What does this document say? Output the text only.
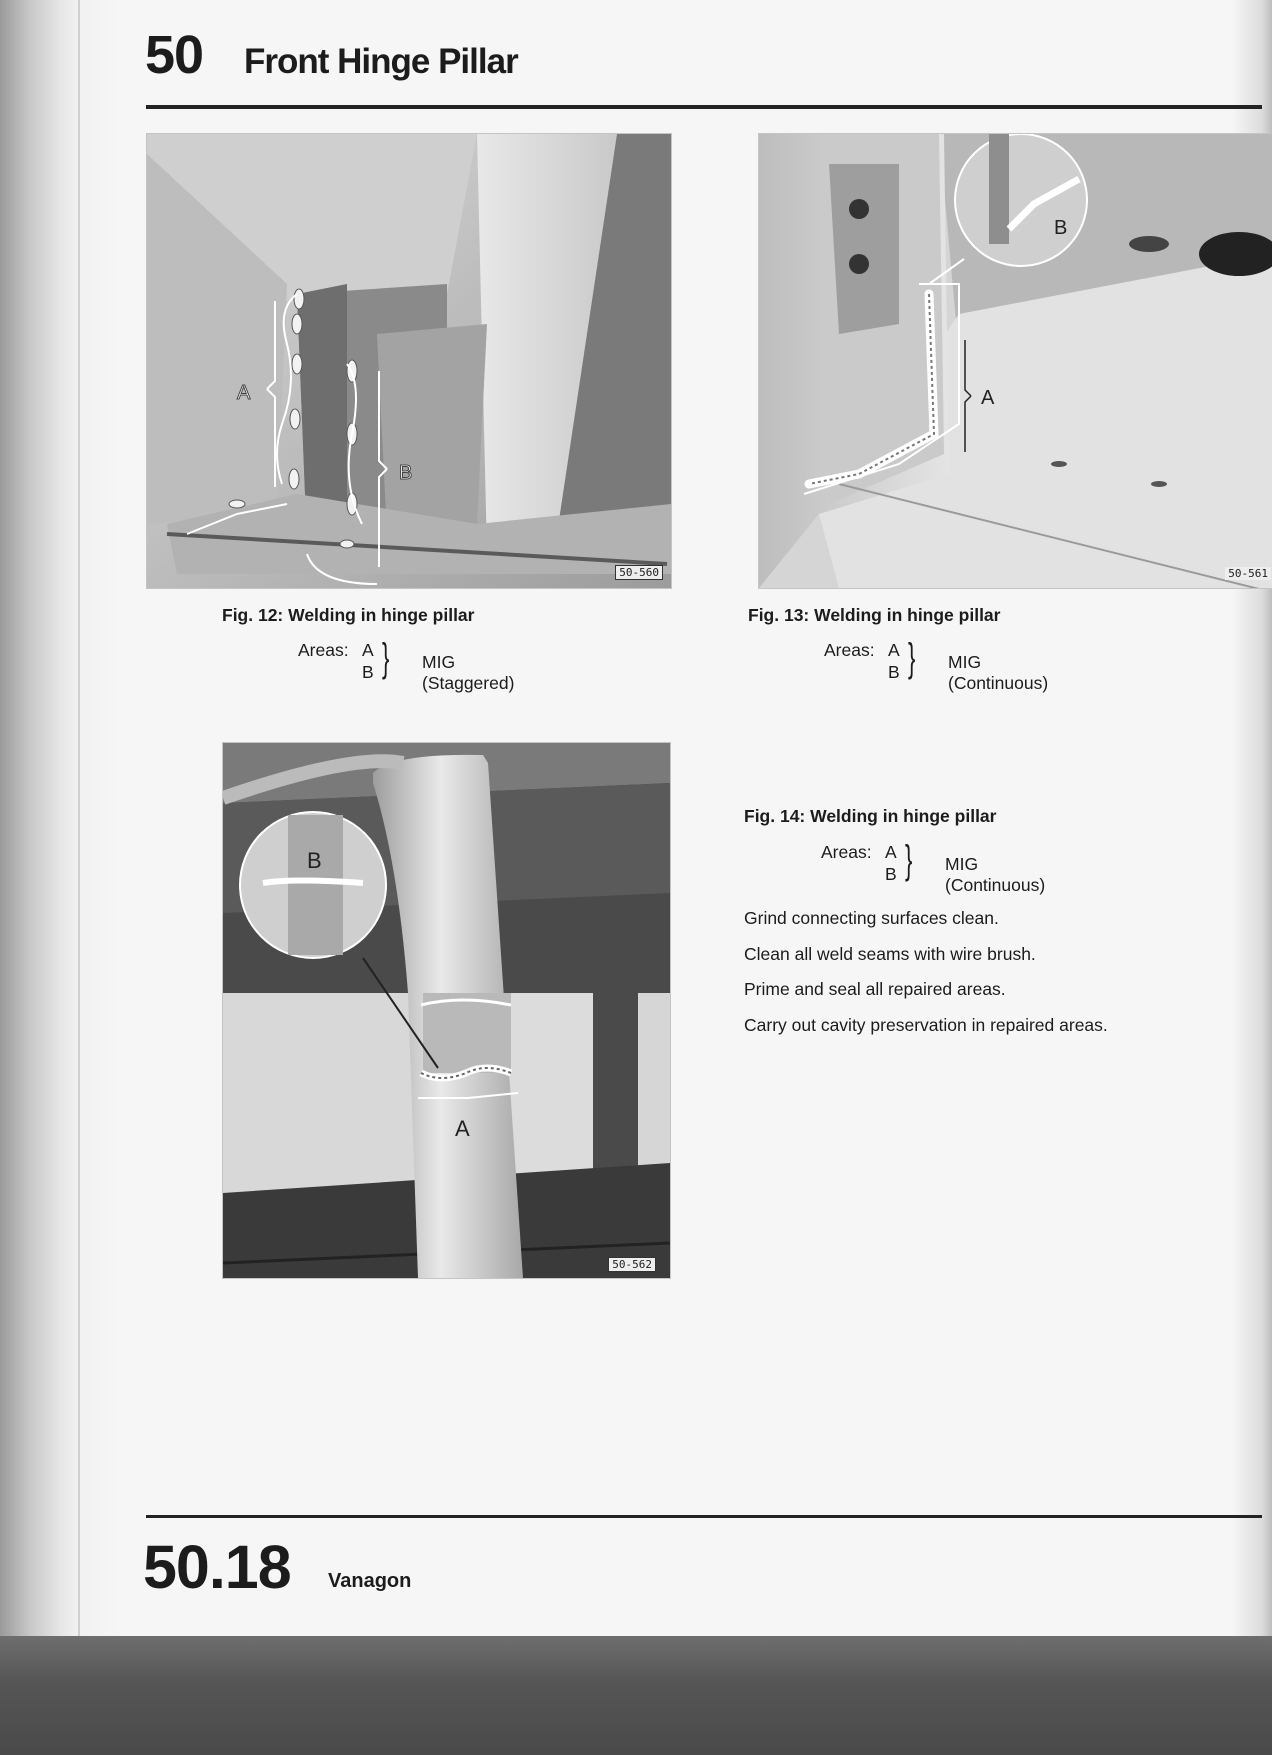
50 Front Hinge Pillar
A
B
50-560
Fig. 12: Welding in hinge pillar
Areas: A
B } MIG (Staggered)
B
A
50-561
Fig. 13: Welding in hinge pillar
Areas: A
B } MIG (Continuous)
B
A
50-562
Fig. 14: Welding in hinge pillar
Areas: A
B } MIG (Continuous)
Grind connecting surfaces clean.
Clean all weld seams with wire brush.
Prime and seal all repaired areas.
Carry out cavity preservation in repaired areas.
50.18 Vanagon
